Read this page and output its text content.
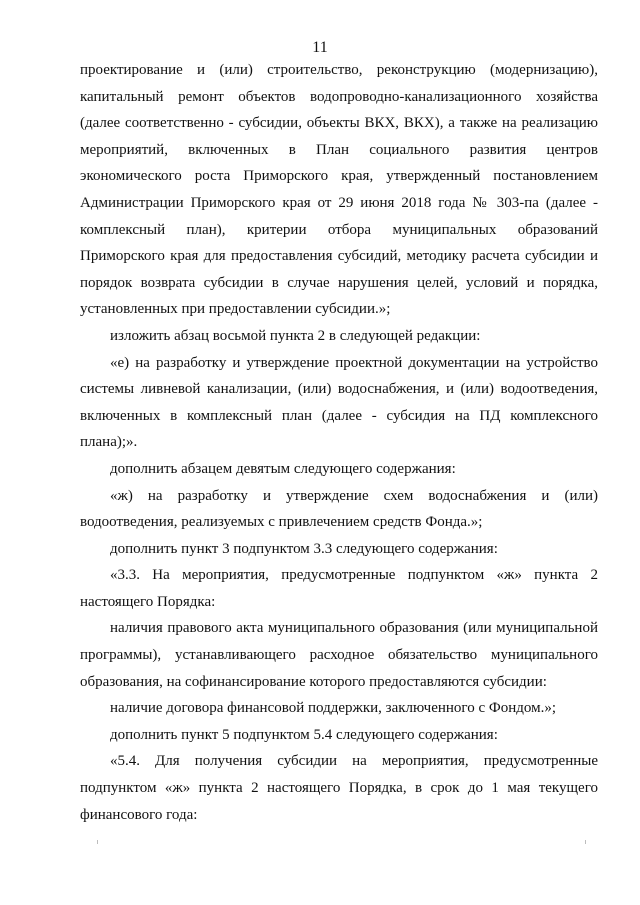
11

проектирование и (или) строительство, реконструкцию (модернизацию), капитальный ремонт объектов водопроводно-канализационного хозяйства (далее соответственно - субсидии, объекты ВКХ, ВКХ), а также на реализацию мероприятий, включенных в План социального развития центров экономического роста Приморского края, утвержденный постановлением Администрации Приморского края от 29 июня 2018 года № 303-па (далее - комплексный план), критерии отбора муниципальных образований Приморского края для предоставления субсидий, методику расчета субсидии и порядок возврата субсидии в случае нарушения целей, условий и порядка, установленных при предоставлении субсидии.»;

изложить абзац восьмой пункта 2 в следующей редакции:

«е) на разработку и утверждение проектной документации на устройство системы ливневой канализации, (или) водоснабжения, и (или) водоотведения, включенных в комплексный план (далее - субсидия на ПД комплексного плана);».

дополнить абзацем девятым следующего содержания:

«ж) на разработку и утверждение схем водоснабжения и (или) водоотведения, реализуемых с привлечением средств Фонда.»;

дополнить пункт 3 подпунктом 3.3 следующего содержания:

«3.3. На мероприятия, предусмотренные подпунктом «ж» пункта 2 настоящего Порядка:

наличия правового акта муниципального образования (или муниципальной программы), устанавливающего расходное обязательство муниципального образования, на софинансирование которого предоставляются субсидии:

наличие договора финансовой поддержки, заключенного с Фондом.»;

дополнить пункт 5 подпунктом 5.4 следующего содержания:

«5.4. Для получения субсидии на мероприятия, предусмотренные подпунктом «ж» пункта 2 настоящего Порядка, в срок до 1 мая текущего финансового года:
